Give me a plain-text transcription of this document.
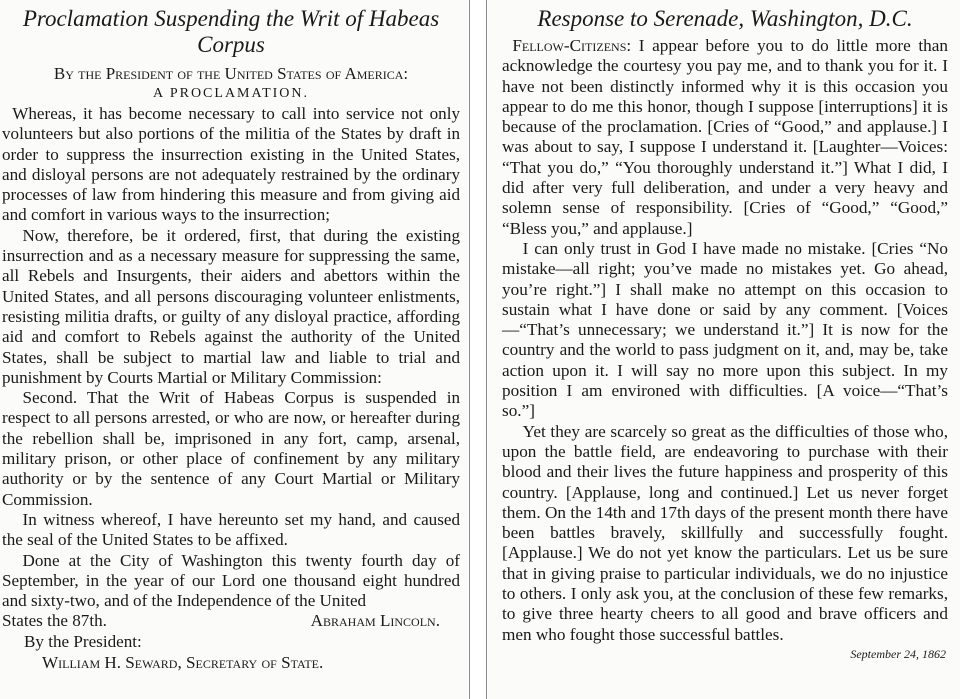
Proclamation Suspending the Writ of Habeas Corpus

By the President of the United States of America:

A PROCLAMATION.

Whereas, it has become necessary to call into service not only volunteers but also portions of the militia of the States by draft in order to suppress the insurrection existing in the United States, and disloyal persons are not adequately restrained by the ordinary processes of law from hindering this measure and from giving aid and comfort in various ways to the insurrection;

Now, therefore, be it ordered, first, that during the existing insurrection and as a necessary measure for suppressing the same, all Rebels and Insurgents, their aiders and abettors within the United States, and all persons discouraging volunteer enlistments, resisting militia drafts, or guilty of any disloyal practice, affording aid and comfort to Rebels against the authority of the United States, shall be subject to martial law and liable to trial and punishment by Courts Martial or Military Commission:

Second. That the Writ of Habeas Corpus is suspended in respect to all persons arrested, or who are now, or hereafter during the rebellion shall be, imprisoned in any fort, camp, arsenal, military prison, or other place of confinement by any military authority or by the sentence of any Court Martial or Military Commission.

In witness whereof, I have hereunto set my hand, and caused the seal of the United States to be affixed.

Done at the City of Washington this twenty fourth day of September, in the year of our Lord one thousand eight hundred and sixty-two, and of the Independence of the United

States the 87th.	Abraham Lincoln.

By the President:

William H. Seward, Secretary of State.

Response to Serenade, Washington, D.C.

Fellow-Citizens: I appear before you to do little more than acknowledge the courtesy you pay me, and to thank you for it. I have not been distinctly informed why it is this occasion you appear to do me this honor, though I suppose [interruptions] it is because of the proclamation. [Cries of “Good,” and applause.] I was about to say, I suppose I understand it. [Laughter—Voices: “That you do,” “You thoroughly understand it.”] What I did, I did after very full deliberation, and under a very heavy and solemn sense of responsibility. [Cries of “Good,” “Good,” “Bless you,” and applause.]

I can only trust in God I have made no mistake. [Cries “No mistake—all right; you’ve made no mistakes yet. Go ahead, you’re right.”] I shall make no attempt on this occasion to sustain what I have done or said by any comment. [Voices—“That’s unnecessary; we understand it.”] It is now for the country and the world to pass judgment on it, and, may be, take action upon it. I will say no more upon this subject. In my position I am environed with difficulties. [A voice—“That’s so.”]

Yet they are scarcely so great as the difficulties of those who, upon the battle field, are endeavoring to purchase with their blood and their lives the future happiness and prosperity of this country. [Applause, long and continued.] Let us never forget them. On the 14th and 17th days of the present month there have been battles bravely, skillfully and successfully fought. [Applause.] We do not yet know the particulars. Let us be sure that in giving praise to particular individuals, we do no injustice to others. I only ask you, at the conclusion of these few remarks, to give three hearty cheers to all good and brave officers and men who fought those successful battles.

September 24, 1862
